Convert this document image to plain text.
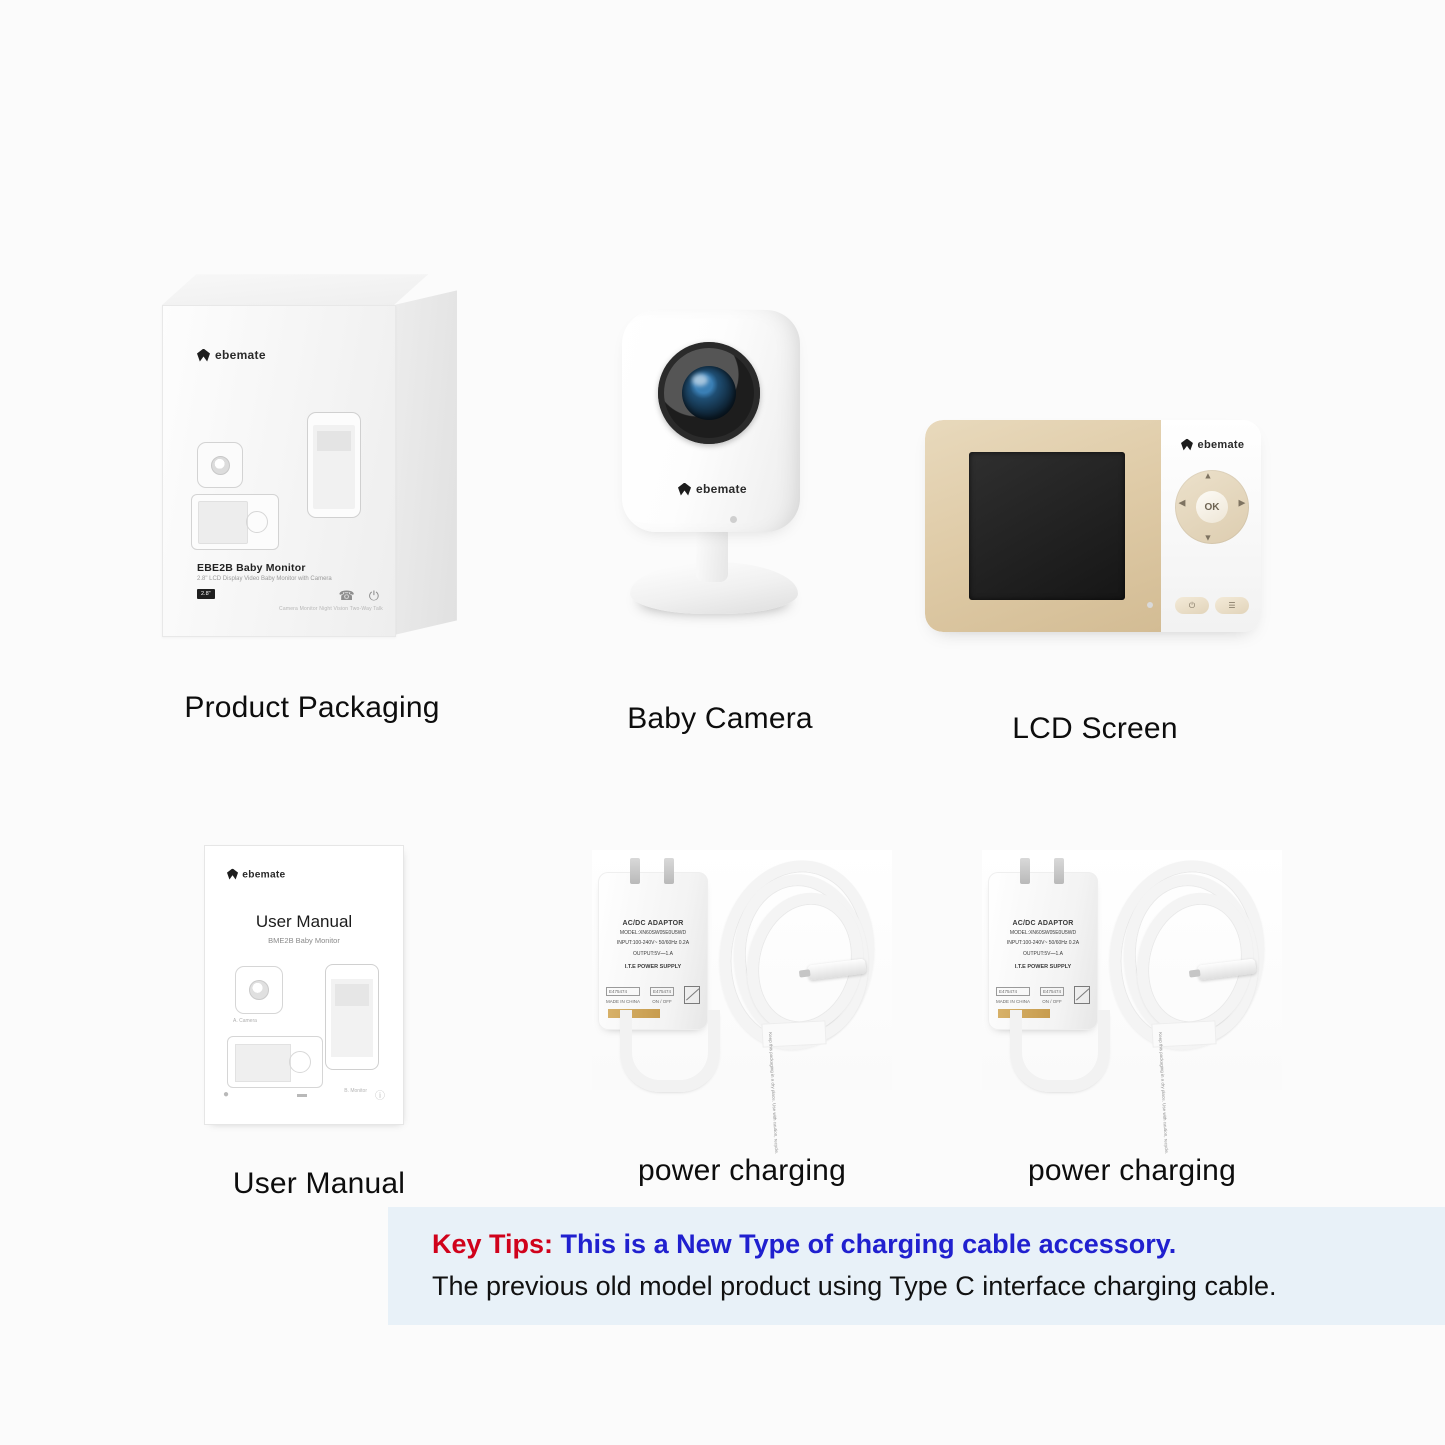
ebemate
EBE2B Baby Monitor
2.8" LCD Display Video Baby Monitor with Camera
2.8"	☎ ⏻
Camera Monitor Night Vision Two-Way Talk
Product Packaging
ebemate
Baby Camera
ebemate
▲
▼
◀	▶
OK
⏻	☰
LCD Screen
ebemate
User Manual
BME2B Baby Monitor
A. Camera
B. Monitor
●	▬	ⓘ
User Manual
Keep this packaging in a dry place. Use with caution, recycle.
AC/DC ADAPTOR
MODEL:XN60SW05E0U5WD
INPUT:100-240V~ 50/60Hz 0.2A
OUTPUT:5V⎯⎯1.A
I.T.E POWER SUPPLY
E475474
MADE IN CHINA
E475474
ON / OFF
power charging
Keep this packaging in a dry place. Use with caution, recycle.
AC/DC ADAPTOR
MODEL:XN60SW05E0U5WD
INPUT:100-240V~ 50/60Hz 0.2A
OUTPUT:5V⎯⎯1.A
I.T.E POWER SUPPLY
E475474
MADE IN CHINA
E475474
ON / OFF
power charging
Key Tips: This is a New Type of charging cable accessory.
The previous old model product using Type C interface charging cable.
